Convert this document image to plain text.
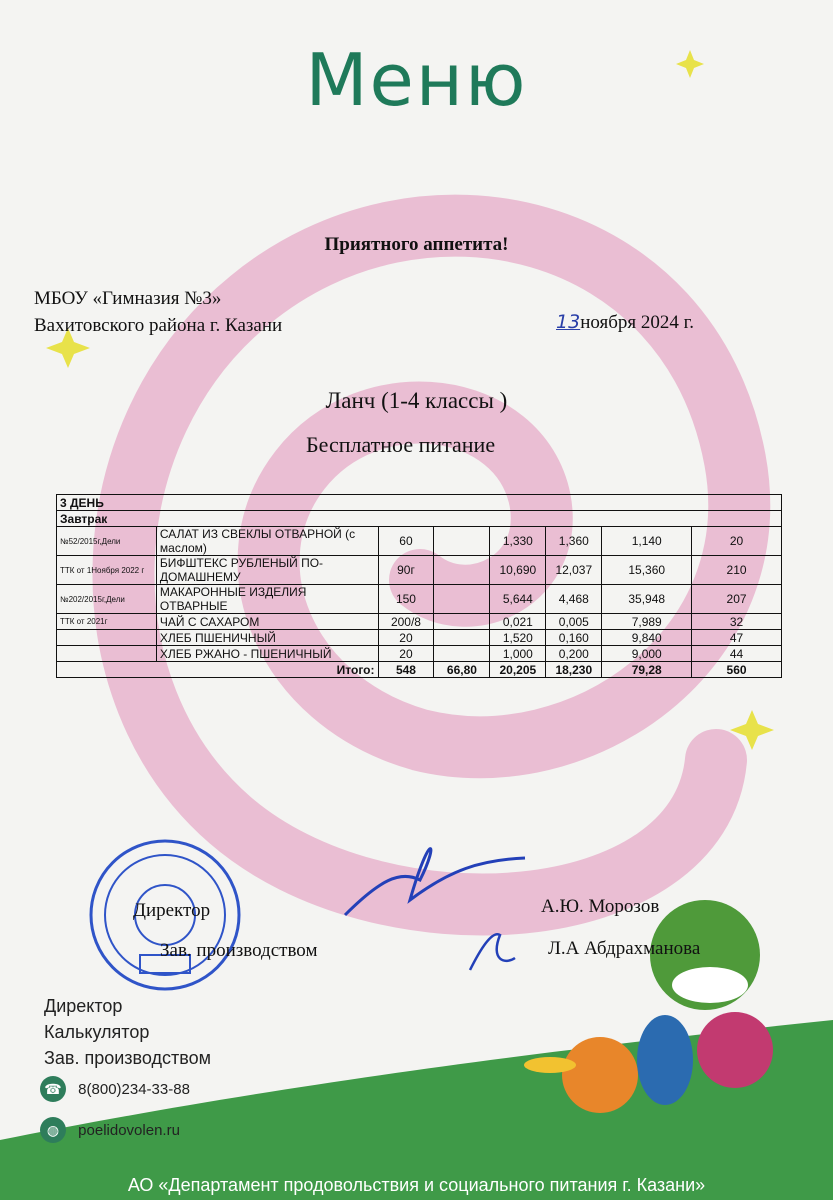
Меню
Приятного аппетита!
МБОУ «Гимназия №3»
Вахитовского района г. Казани	13ноября 2024 г.
Ланч (1-4 классы )
Бесплатное питание
3 ДЕНЬ							
Завтрак							
№52/2015г,Дели	САЛАТ ИЗ СВЕКЛЫ ОТВАРНОЙ (с маслом)	60		1,330	1,360	1,140	20
ТТК от 1Ноября 2022 г	БИФШТЕКС РУБЛЕНЫЙ ПО-ДОМАШНЕМУ	90г		10,690	12,037	15,360	210
№202/2015г,Дели	МАКАРОННЫЕ ИЗДЕЛИЯ ОТВАРНЫЕ	150		5,644	4,468	35,948	207
ТТК от 2021г	ЧАЙ С САХАРОМ	200/8		0,021	0,005	7,989	32
	ХЛЕБ ПШЕНИЧНЫЙ	20		1,520	0,160	9,840	47
	ХЛЕБ РЖАНО - ПШЕНИЧНЫЙ	20		1,000	0,200	9,000	44
Итого:		548	66,80	20,205	18,230	79,28	560
Директор	А.Ю. Морозов
Зав. производством	Л.А Абдрахманова
Директор
Калькулятор
Зав. производством
☎ 8(800)234-33-88
◍ poelidovolen.ru
АО «Департамент продовольствия и социального питания г. Казани»
